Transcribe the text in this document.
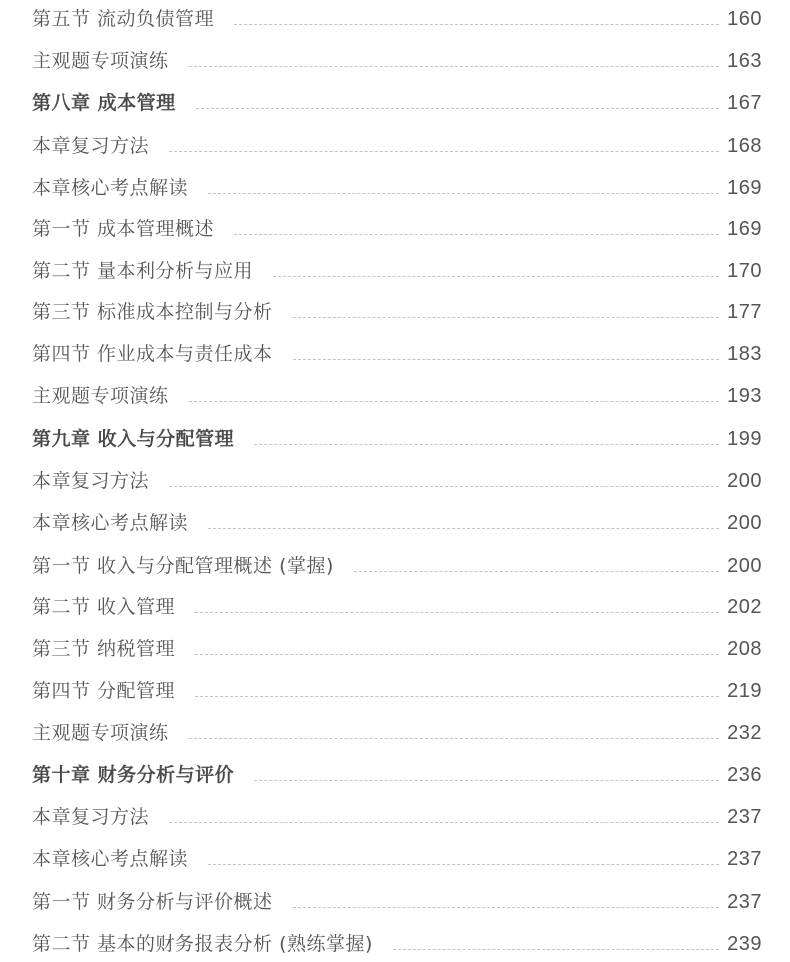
第五节 流动负债管理	160
主观题专项演练	163
第八章 成本管理	167
本章复习方法	168
本章核心考点解读	169
第一节 成本管理概述	169
第二节 量本利分析与应用	170
第三节 标准成本控制与分析	177
第四节 作业成本与责任成本	183
主观题专项演练	193
第九章 收入与分配管理	199
本章复习方法	200
本章核心考点解读	200
第一节 收入与分配管理概述 (掌握)	200
第二节 收入管理	202
第三节 纳税管理	208
第四节 分配管理	219
主观题专项演练	232
第十章 财务分析与评价	236
本章复习方法	237
本章核心考点解读	237
第一节 财务分析与评价概述	237
第二节 基本的财务报表分析 (熟练掌握)	239
